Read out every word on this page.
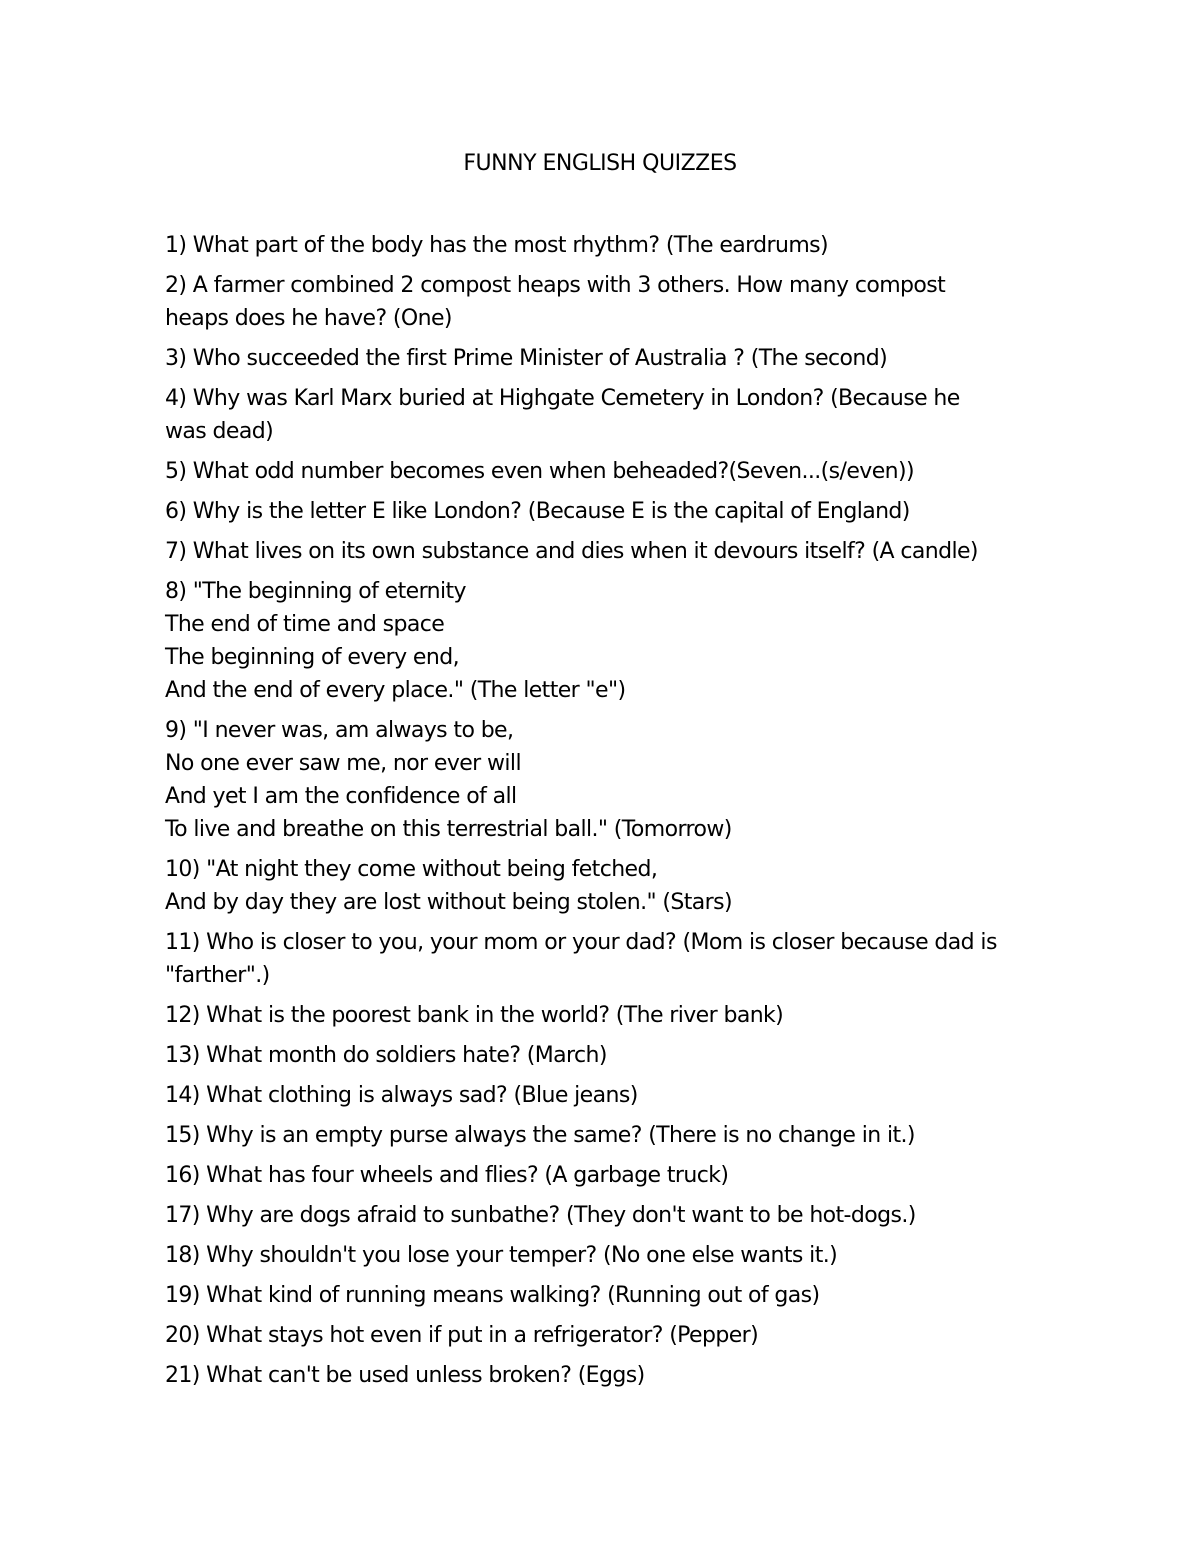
FUNNY ENGLISH QUIZZES
1) What part of the body has the most rhythm? (The eardrums)
2) A farmer combined 2 compost heaps with 3 others. How many compost
heaps does he have? (One)
3) Who succeeded the first Prime Minister of Australia ? (The second)
4) Why was Karl Marx buried at Highgate Cemetery in London? (Because he
was dead)
5) What odd number becomes even when beheaded?(Seven...(s/even))
6) Why is the letter E like London? (Because E is the capital of England)
7) What lives on its own substance and dies when it devours itself? (A candle)
8) "The beginning of eternity
The end of time and space
The beginning of every end,
And the end of every place." (The letter "e")
9) "I never was, am always to be,
No one ever saw me, nor ever will
And yet I am the confidence of all
To live and breathe on this terrestrial ball." (Tomorrow)
10) "At night they come without being fetched,
And by day they are lost without being stolen." (Stars)
11) Who is closer to you, your mom or your dad? (Mom is closer because dad is
"farther".)
12) What is the poorest bank in the world? (The river bank)
13) What month do soldiers hate? (March)
14) What clothing is always sad? (Blue jeans)
15) Why is an empty purse always the same? (There is no change in it.)
16) What has four wheels and flies? (A garbage truck)
17) Why are dogs afraid to sunbathe? (They don't want to be hot-dogs.)
18) Why shouldn't you lose your temper? (No one else wants it.)
19) What kind of running means walking? (Running out of gas)
20) What stays hot even if put in a refrigerator? (Pepper)
21) What can't be used unless broken? (Eggs)
